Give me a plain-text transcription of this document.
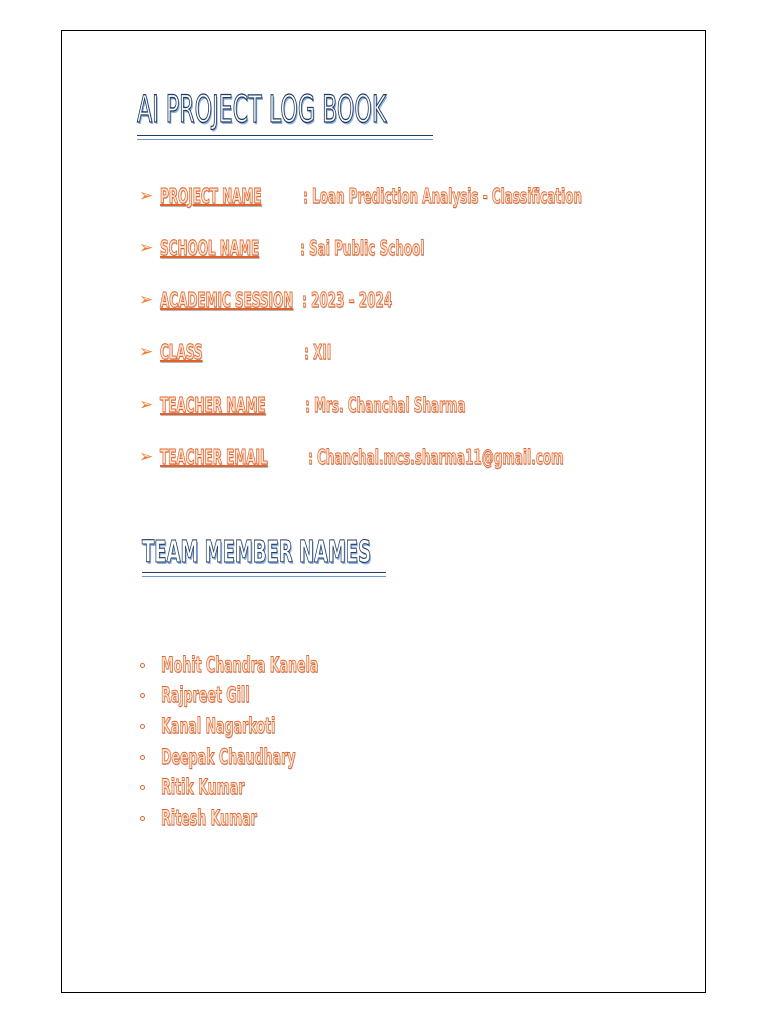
AI PROJECT LOG BOOK
➢ PROJECT NAME : Loan Prediction Analysis - Classification
➢ SCHOOL NAME : Sai Public School
➢ ACADEMIC SESSION : 2023 – 2024
➢ CLASS	: XII
➢ TEACHER NAME : Mrs. Chanchal Sharma
➢ TEACHER EMAIL : Chanchal.mcs.sharma11@gmail.com
TEAM MEMBER NAMES
Mohit Chandra Kanela
Rajpreet Gill
Kanal Nagarkoti
Deepak Chaudhary
Ritik Kumar
Ritesh Kumar
